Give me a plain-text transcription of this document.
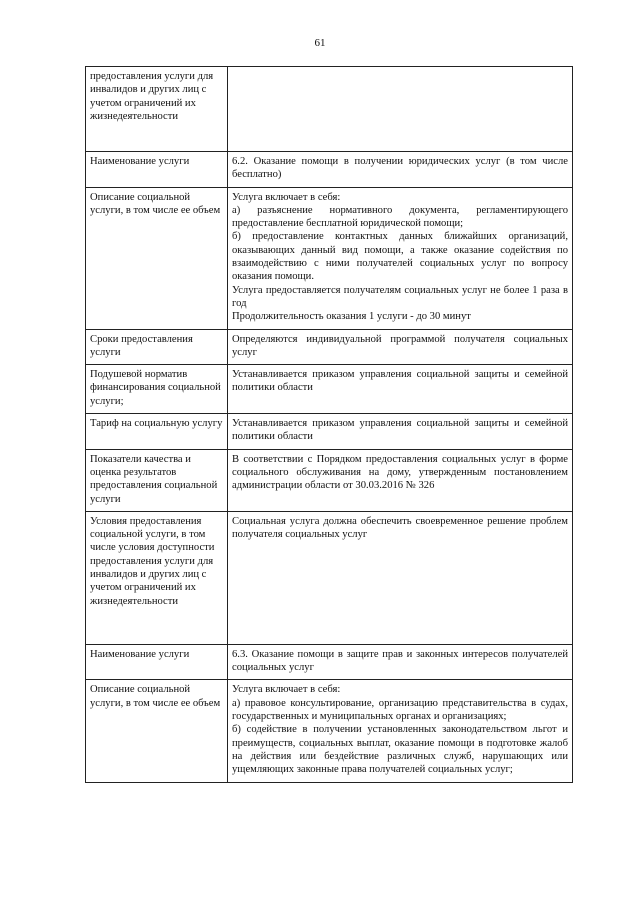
61
предоставления услуги для инвалидов и других лиц с учетом ограничений их жизнедеятельности	

Наименование услуги	6.2. Оказание помощи в получении юридических услуг (в том числе бесплатно)

Описание социальной услуги, в том числе ее объем	Услуга включает в себя:
а) разъяснение нормативного документа, регламентирующего предоставление бесплатной юридической помощи;
б) предоставление контактных данных ближайших организаций, оказывающих данный вид помощи, а также оказание содействия по взаимодействию с ними получателей социальных услуг по вопросу оказания помощи.
Услуга предоставляется получателям социальных услуг не более 1 раза в год
Продолжительность оказания 1 услуги - до 30 минут

Сроки предоставления услуги	Определяются индивидуальной программой получателя социальных услуг

Подушевой норматив финансирования социальной услуги;	Устанавливается приказом управления социальной защиты и семейной политики области

Тариф на социальную услугу	Устанавливается приказом управления социальной защиты и семейной политики области

Показатели качества и оценка результатов предоставления социальной услуги	В соответствии с Порядком предоставления социальных услуг в форме социального обслуживания на дому, утвержденным постановлением администрации области от 30.03.2016 № 326

Условия предоставления социальной услуги, в том числе условия доступности предоставления услуги для инвалидов и других лиц с учетом ограничений их жизнедеятельности	Социальная услуга должна обеспечить своевременное решение проблем получателя социальных услуг

Наименование услуги	6.3. Оказание помощи в защите прав и законных интересов получателей социальных услуг

Описание социальной услуги, в том числе ее объем	Услуга включает в себя:
а) правовое консультирование, организацию представительства в судах, государственных и муниципальных органах и организациях;
б) содействие в получении установленных законодательством льгот и преимуществ, социальных выплат, оказание помощи в подготовке жалоб на действия или бездействие различных служб, нарушающих или ущемляющих законные права получателей социальных услуг;
